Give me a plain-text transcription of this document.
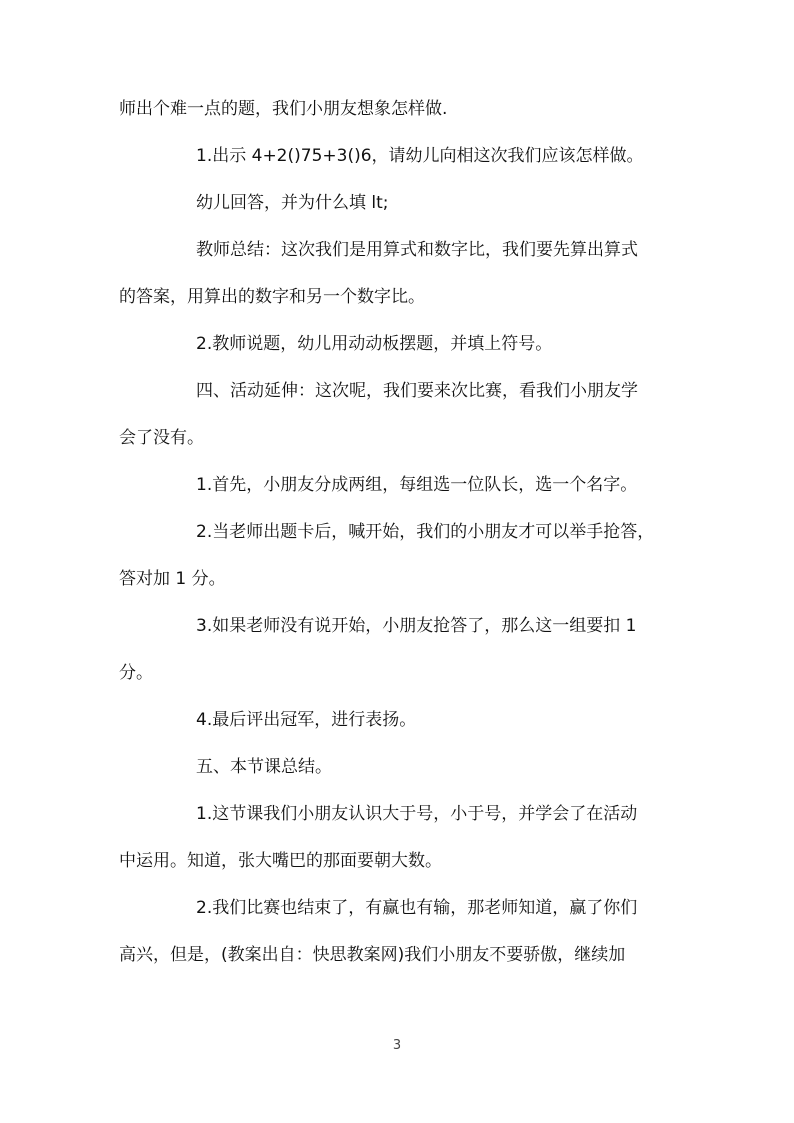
师出个难一点的题，我们小朋友想象怎样做.
1.出示 4+2()75+3()6，请幼儿向相这次我们应该怎样做。
幼儿回答，并为什么填 lt;
教师总结：这次我们是用算式和数字比，我们要先算出算式
的答案，用算出的数字和另一个数字比。
2.教师说题，幼儿用动动板摆题，并填上符号。
四、活动延伸：这次呢，我们要来次比赛，看我们小朋友学
会了没有。
1.首先，小朋友分成两组，每组选一位队长，选一个名字。
2.当老师出题卡后，喊开始，我们的小朋友才可以举手抢答，
答对加 1 分。
3.如果老师没有说开始，小朋友抢答了，那么这一组要扣 1
分。
4.最后评出冠军，进行表扬。
五、本节课总结。
1.这节课我们小朋友认识大于号，小于号，并学会了在活动
中运用。知道，张大嘴巴的那面要朝大数。
2.我们比赛也结束了，有赢也有输，那老师知道，赢了你们
高兴，但是，(教案出自：快思教案网)我们小朋友不要骄傲，继续加
3
